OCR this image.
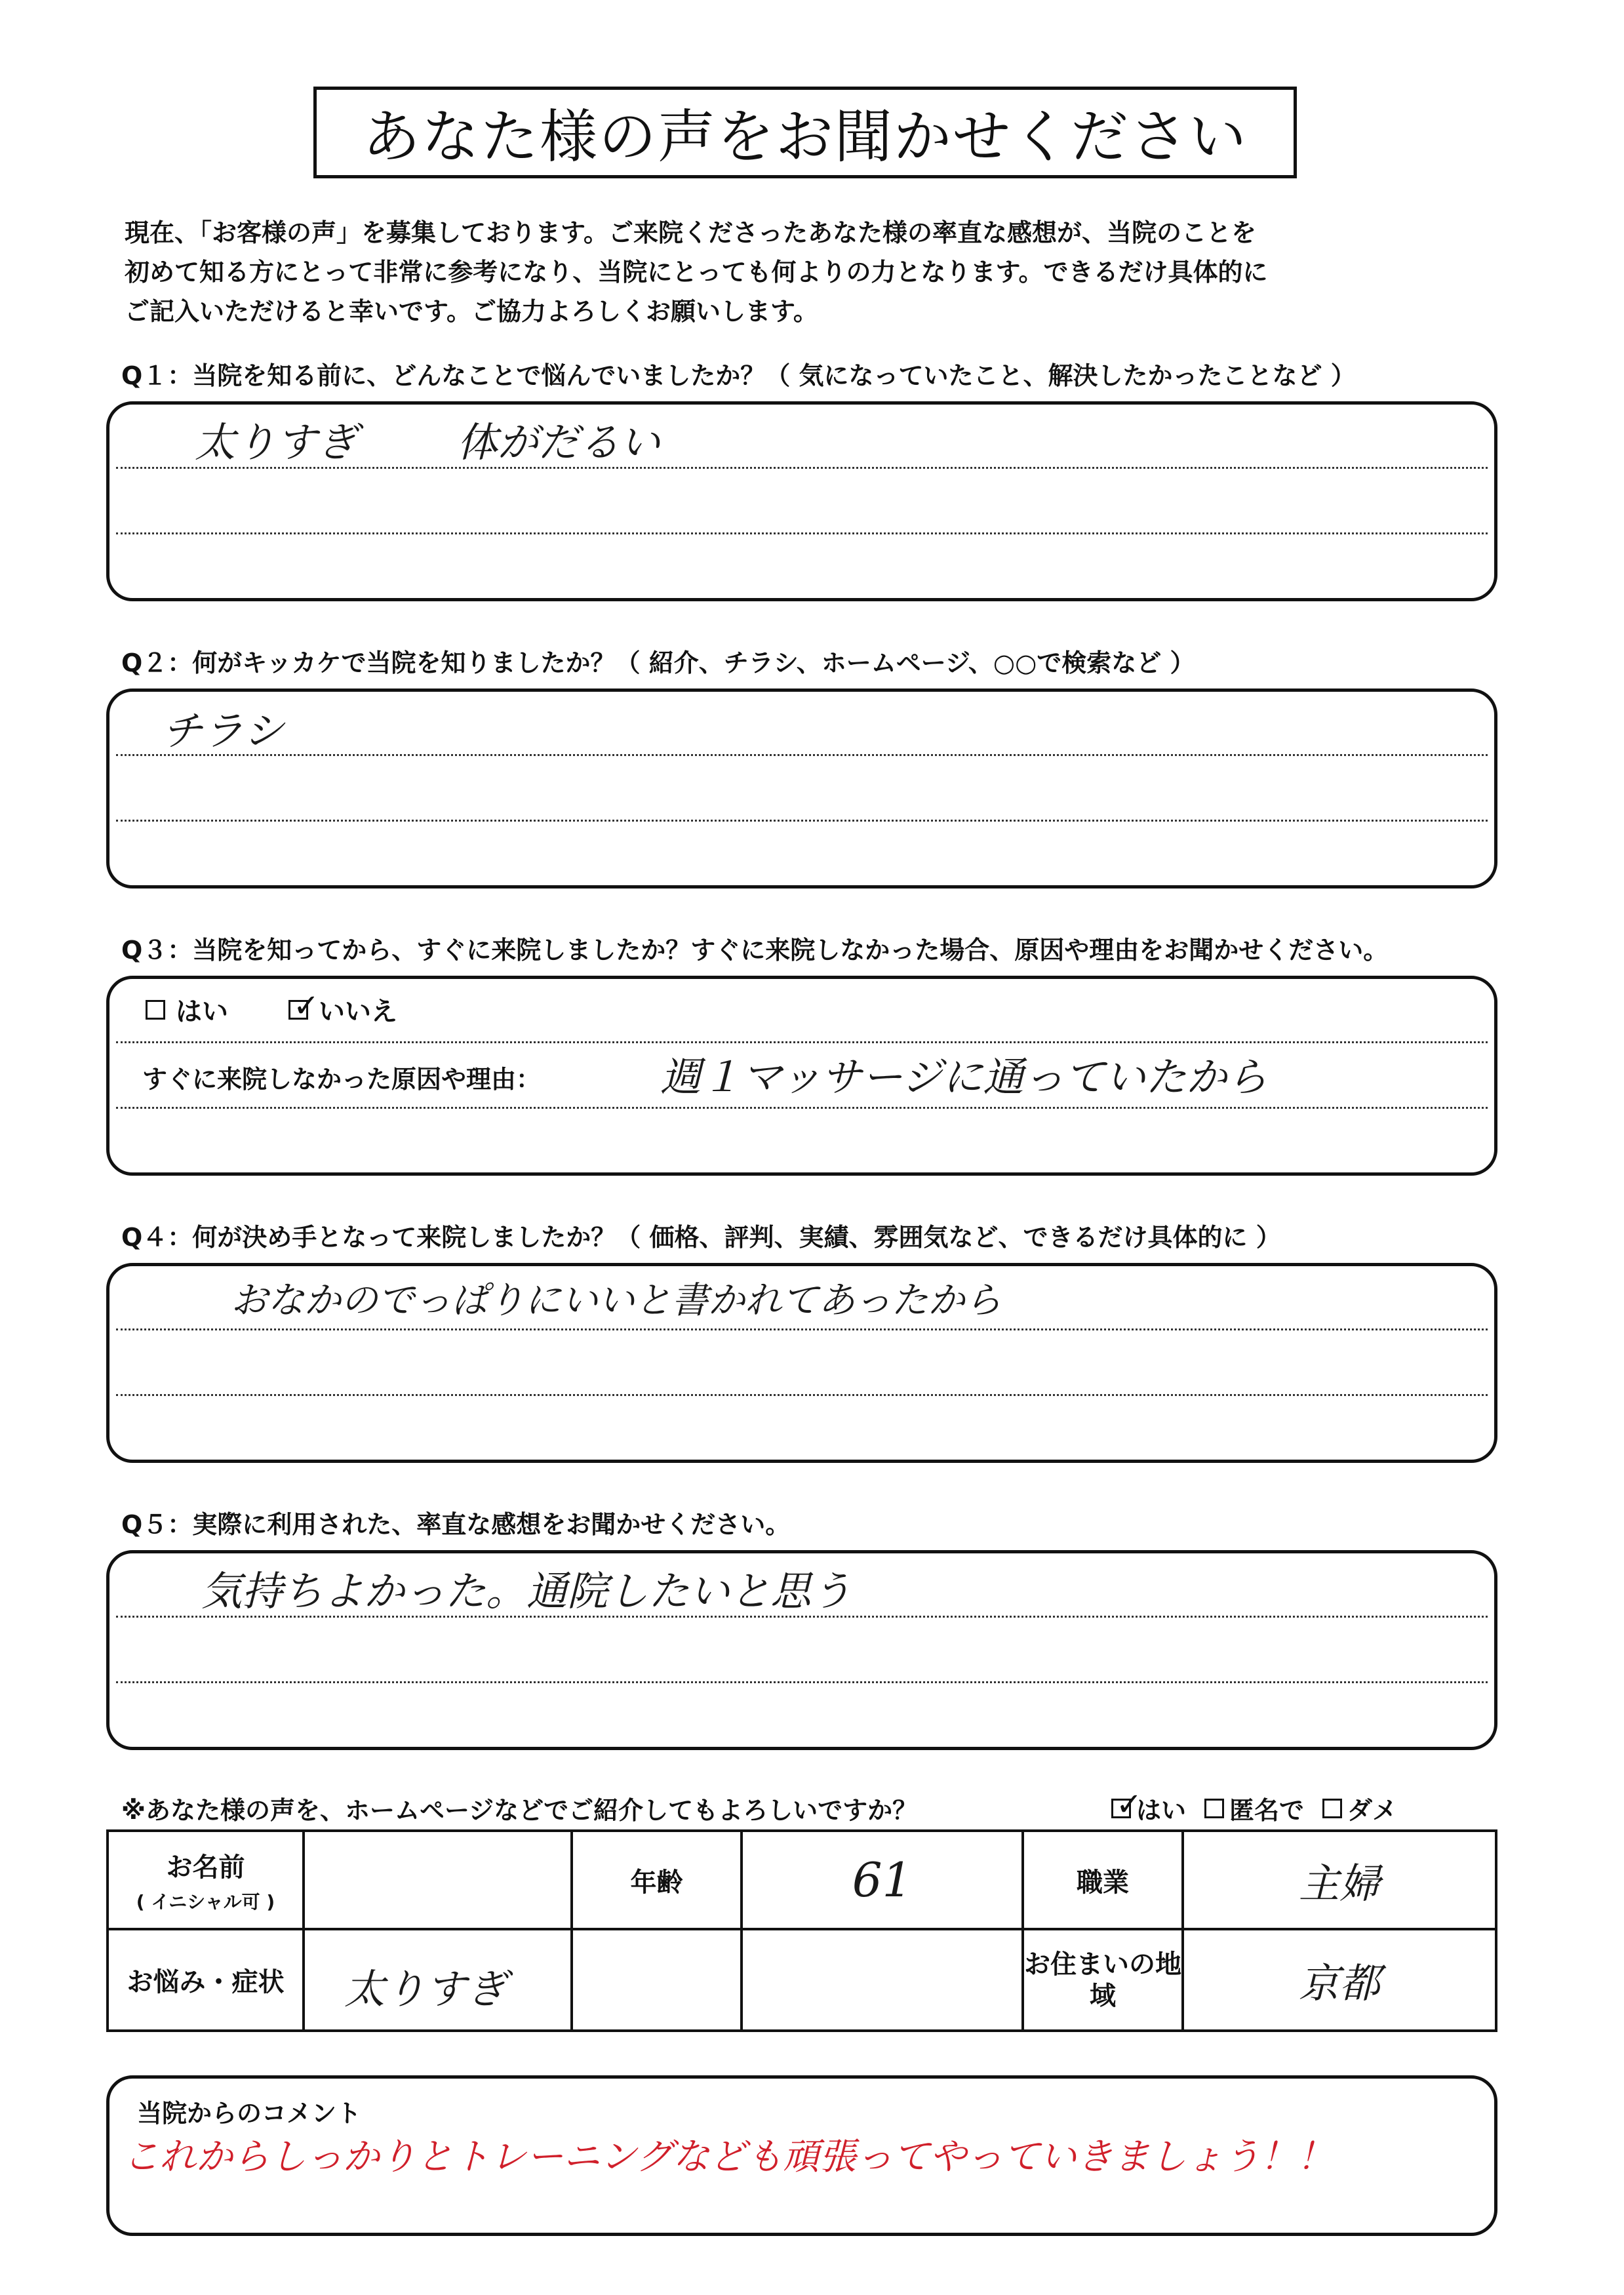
あなた様の声をお聞かせください
現在、「お客様の声」を募集しております。ご来院くださったあなた様の率直な感想が、当院のことを
初めて知る方にとって非常に参考になり、当院にとっても何よりの力となります。できるだけ具体的に
ご記入いただけると幸いです。ご協力よろしくお願いします。
Q１：当院を知る前に、どんなことで悩んでいましたか？（ 気になっていたこと、解決したかったことなど ）
太りすぎ 体がだるい
Q２：何がキッカケで当院を知りましたか？（ 紹介、チラシ、ホームページ、○○で検索など ）
チラシ
Q３：当院を知ってから、すぐに来院しましたか？すぐに来院しなかった場合、原因や理由をお聞かせください。
はい ✓
いいえ
すぐに来院しなかった原因や理由：	週１マッサージに通っていたから
Q４：何が決め手となって来院しましたか？（ 価格、評判、実績、雰囲気など、できるだけ具体的に ）
おなかのでっぱりにいいと書かれてあったから
Q５：実際に利用された、率直な感想をお聞かせください。
気持ちよかった。通院したいと思う
※あなた様の声を、ホームページなどでご紹介してもよろしいですか？	✓
はい 匿名で ダメ
お名前
( イニシャル可 )		年齢	61	職業	主婦
お悩み・症状	太りすぎ			お住まいの地域	京都
当院からのコメント
これからしっかりとトレーニングなども頑張ってやっていきましょう！！
